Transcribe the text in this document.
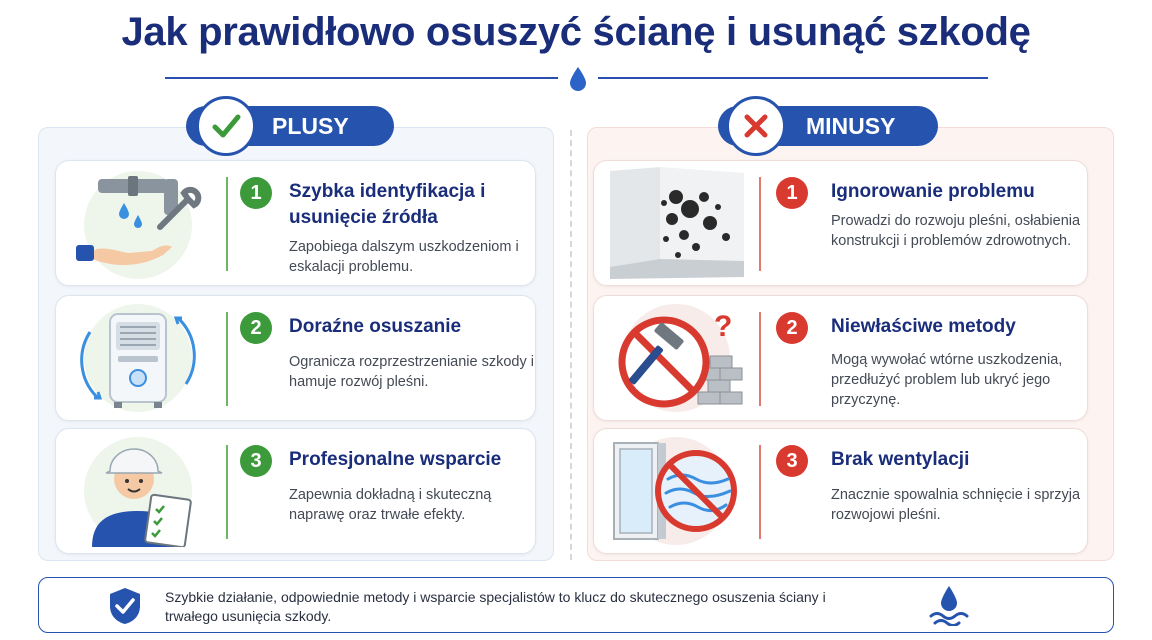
Jak prawidłowo osuszyć ścianę i usunąć szkodę
PLUSY	MINUSY
1	Szybka identyfikacja i usunięcie źródła
Zapobiega dalszym uszkodzeniom i eskalacji problemu.
2	Doraźne osuszanie
Ogranicza rozprzestrzenianie szkody i hamuje rozwój pleśni.
3	Profesjonalne wsparcie
Zapewnia dokładną i skuteczną naprawę oraz trwałe efekty.
1	Ignorowanie problemu
Prowadzi do rozwoju pleśni, osłabienia konstrukcji i problemów zdrowotnych.
?	2	Niewłaściwe metody
Mogą wywołać wtórne uszkodzenia, przedłużyć problem lub ukryć jego przyczynę.
3	Brak wentylacji
Znacznie spowalnia schnięcie i sprzyja rozwojowi pleśni.
Szybkie działanie, odpowiednie metody i wsparcie specjalistów to klucz do skutecznego osuszenia ściany i trwałego usunięcia szkody.
